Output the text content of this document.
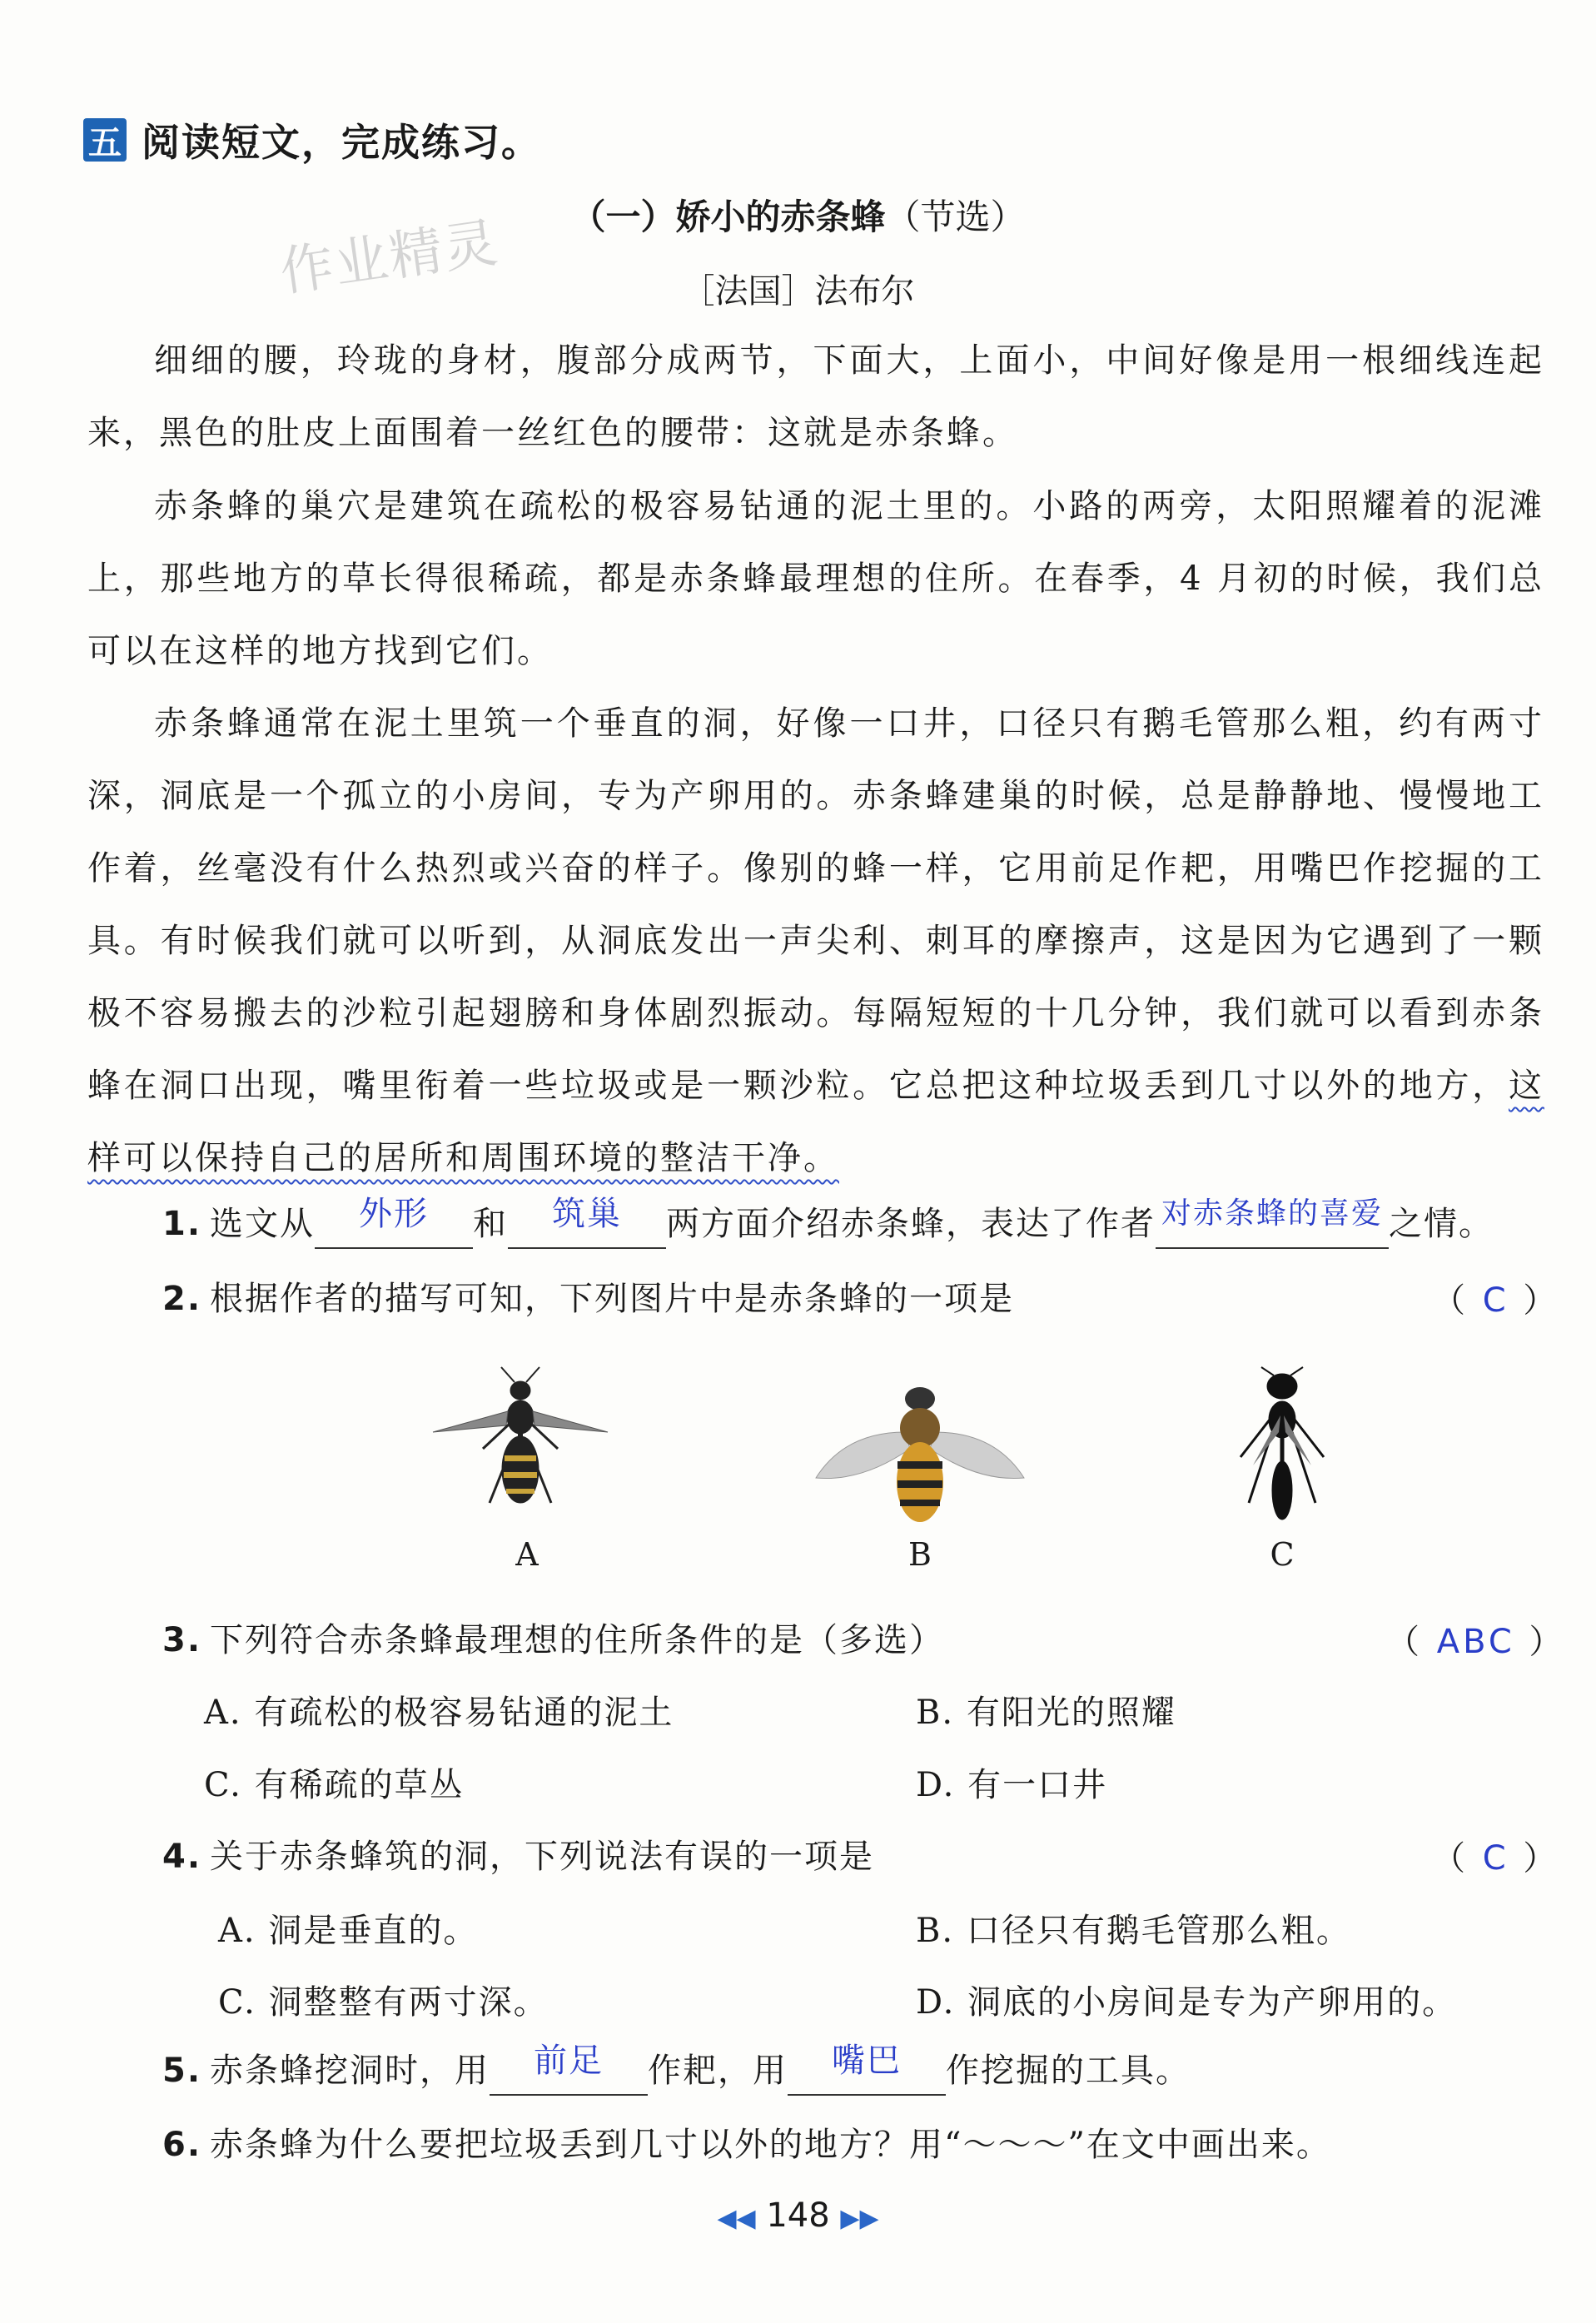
五 阅读短文，完成练习。
作业精灵	（一）娇小的赤条蜂（节选）
［法国］法布尔
细细的腰，玲珑的身材，腹部分成两节，下面大，上面小，中间好像是用一根细线连起来，黑色的肚皮上面围着一丝红色的腰带：这就是赤条蜂。
赤条蜂的巢穴是建筑在疏松的极容易钻通的泥土里的。小路的两旁，太阳照耀着的泥滩上，那些地方的草长得很稀疏，都是赤条蜂最理想的住所。在春季，4 月初的时候，我们总可以在这样的地方找到它们。
赤条蜂通常在泥土里筑一个垂直的洞，好像一口井，口径只有鹅毛管那么粗，约有两寸深，洞底是一个孤立的小房间，专为产卵用的。赤条蜂建巢的时候，总是静静地、慢慢地工作着，丝毫没有什么热烈或兴奋的样子。像别的蜂一样，它用前足作耙，用嘴巴作挖掘的工具。有时候我们就可以听到，从洞底发出一声尖利、刺耳的摩擦声，这是因为它遇到了一颗极不容易搬去的沙粒引起翅膀和身体剧烈振动。每隔短短的十几分钟，我们就可以看到赤条蜂在洞口出现，嘴里衔着一些垃圾或是一颗沙粒。它总把这种垃圾丢到几寸以外的地方，这样可以保持自己的居所和周围环境的整洁干净。
1. 选文从	外形	和	筑巢	两方面介绍赤条蜂，表达了作者 对赤条蜂的喜爱 之情。
2. 根据作者的描写可知，下列图片中是赤条蜂的一项是	（ C ）
A	B	C
3. 下列符合赤条蜂最理想的住所条件的是（多选）	（ ABC ）
A. 有疏松的极容易钻通的泥土	B. 有阳光的照耀
C. 有稀疏的草丛	D. 有一口井
4. 关于赤条蜂筑的洞，下列说法有误的一项是	（ C ）
A. 洞是垂直的。	B. 口径只有鹅毛管那么粗。
C. 洞整整有两寸深。	D. 洞底的小房间是专为产卵用的。
5. 赤条蜂挖洞时，用	前足	作耙，用	嘴巴	作挖掘的工具。
6. 赤条蜂为什么要把垃圾丢到几寸以外的地方？用“～～～”在文中画出来。
◀◀ 148 ▶▶
